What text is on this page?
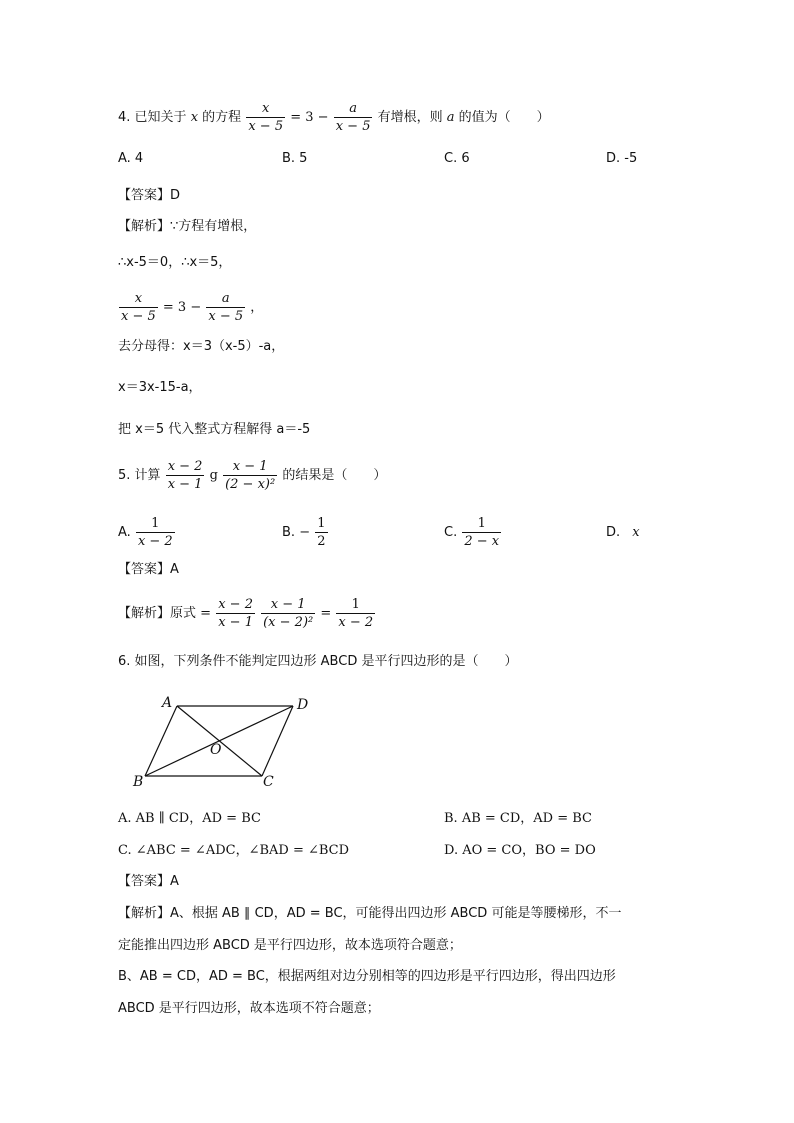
4. 已知关于 x 的方程 $\frac{x}{x - 5} = 3 - \frac{a}{x - 5}$ 有增根，则 a 的值为（　　）
A. 4	B. 5	C. 6	D. -5
【答案】D
【解析】∵方程有增根，
∴x-5＝0，∴x＝5，
$\frac{x}{x - 5} = 3 - \frac{a}{x - 5}$ ，
去分母得：x＝3（x-5）-a，
x＝3x-15-a，
把 x＝5 代入整式方程解得 a＝-5
5. 计算 $\frac{x - 2}{x - 1}$ g $\frac{x - 1}{\text{(2 − x)²}}$ 的结果是（　　）
A. $\frac{1}{x - 2}$	B. − $\frac{1}{2}$	C. $\frac{1}{2 - x}$	D. x
【答案】A
【解析】原式 = $\frac{x - 2}{x - 1}$
$\frac{x - 1}{\text{(x − 2)²}} = \frac{1}{x - 2}$
6. 如图，下列条件不能判定四边形 ABCD 是平行四边形的是（　　）
A	D
B	C
O
A. AB ∥ CD，AD = BC	B. AB = CD，AD = BC
C. ∠ABC = ∠ADC，∠BAD = ∠BCD	D. AO = CO，BO = DO
【答案】A
【解析】A、根据 AB ∥ CD，AD = BC，可能得出四边形 ABCD 可能是等腰梯形，不一
定能推出四边形 ABCD 是平行四边形，故本选项符合题意；
B、AB = CD，AD = BC，根据两组对边分别相等的四边形是平行四边形，得出四边形
ABCD 是平行四边形，故本选项不符合题意；
